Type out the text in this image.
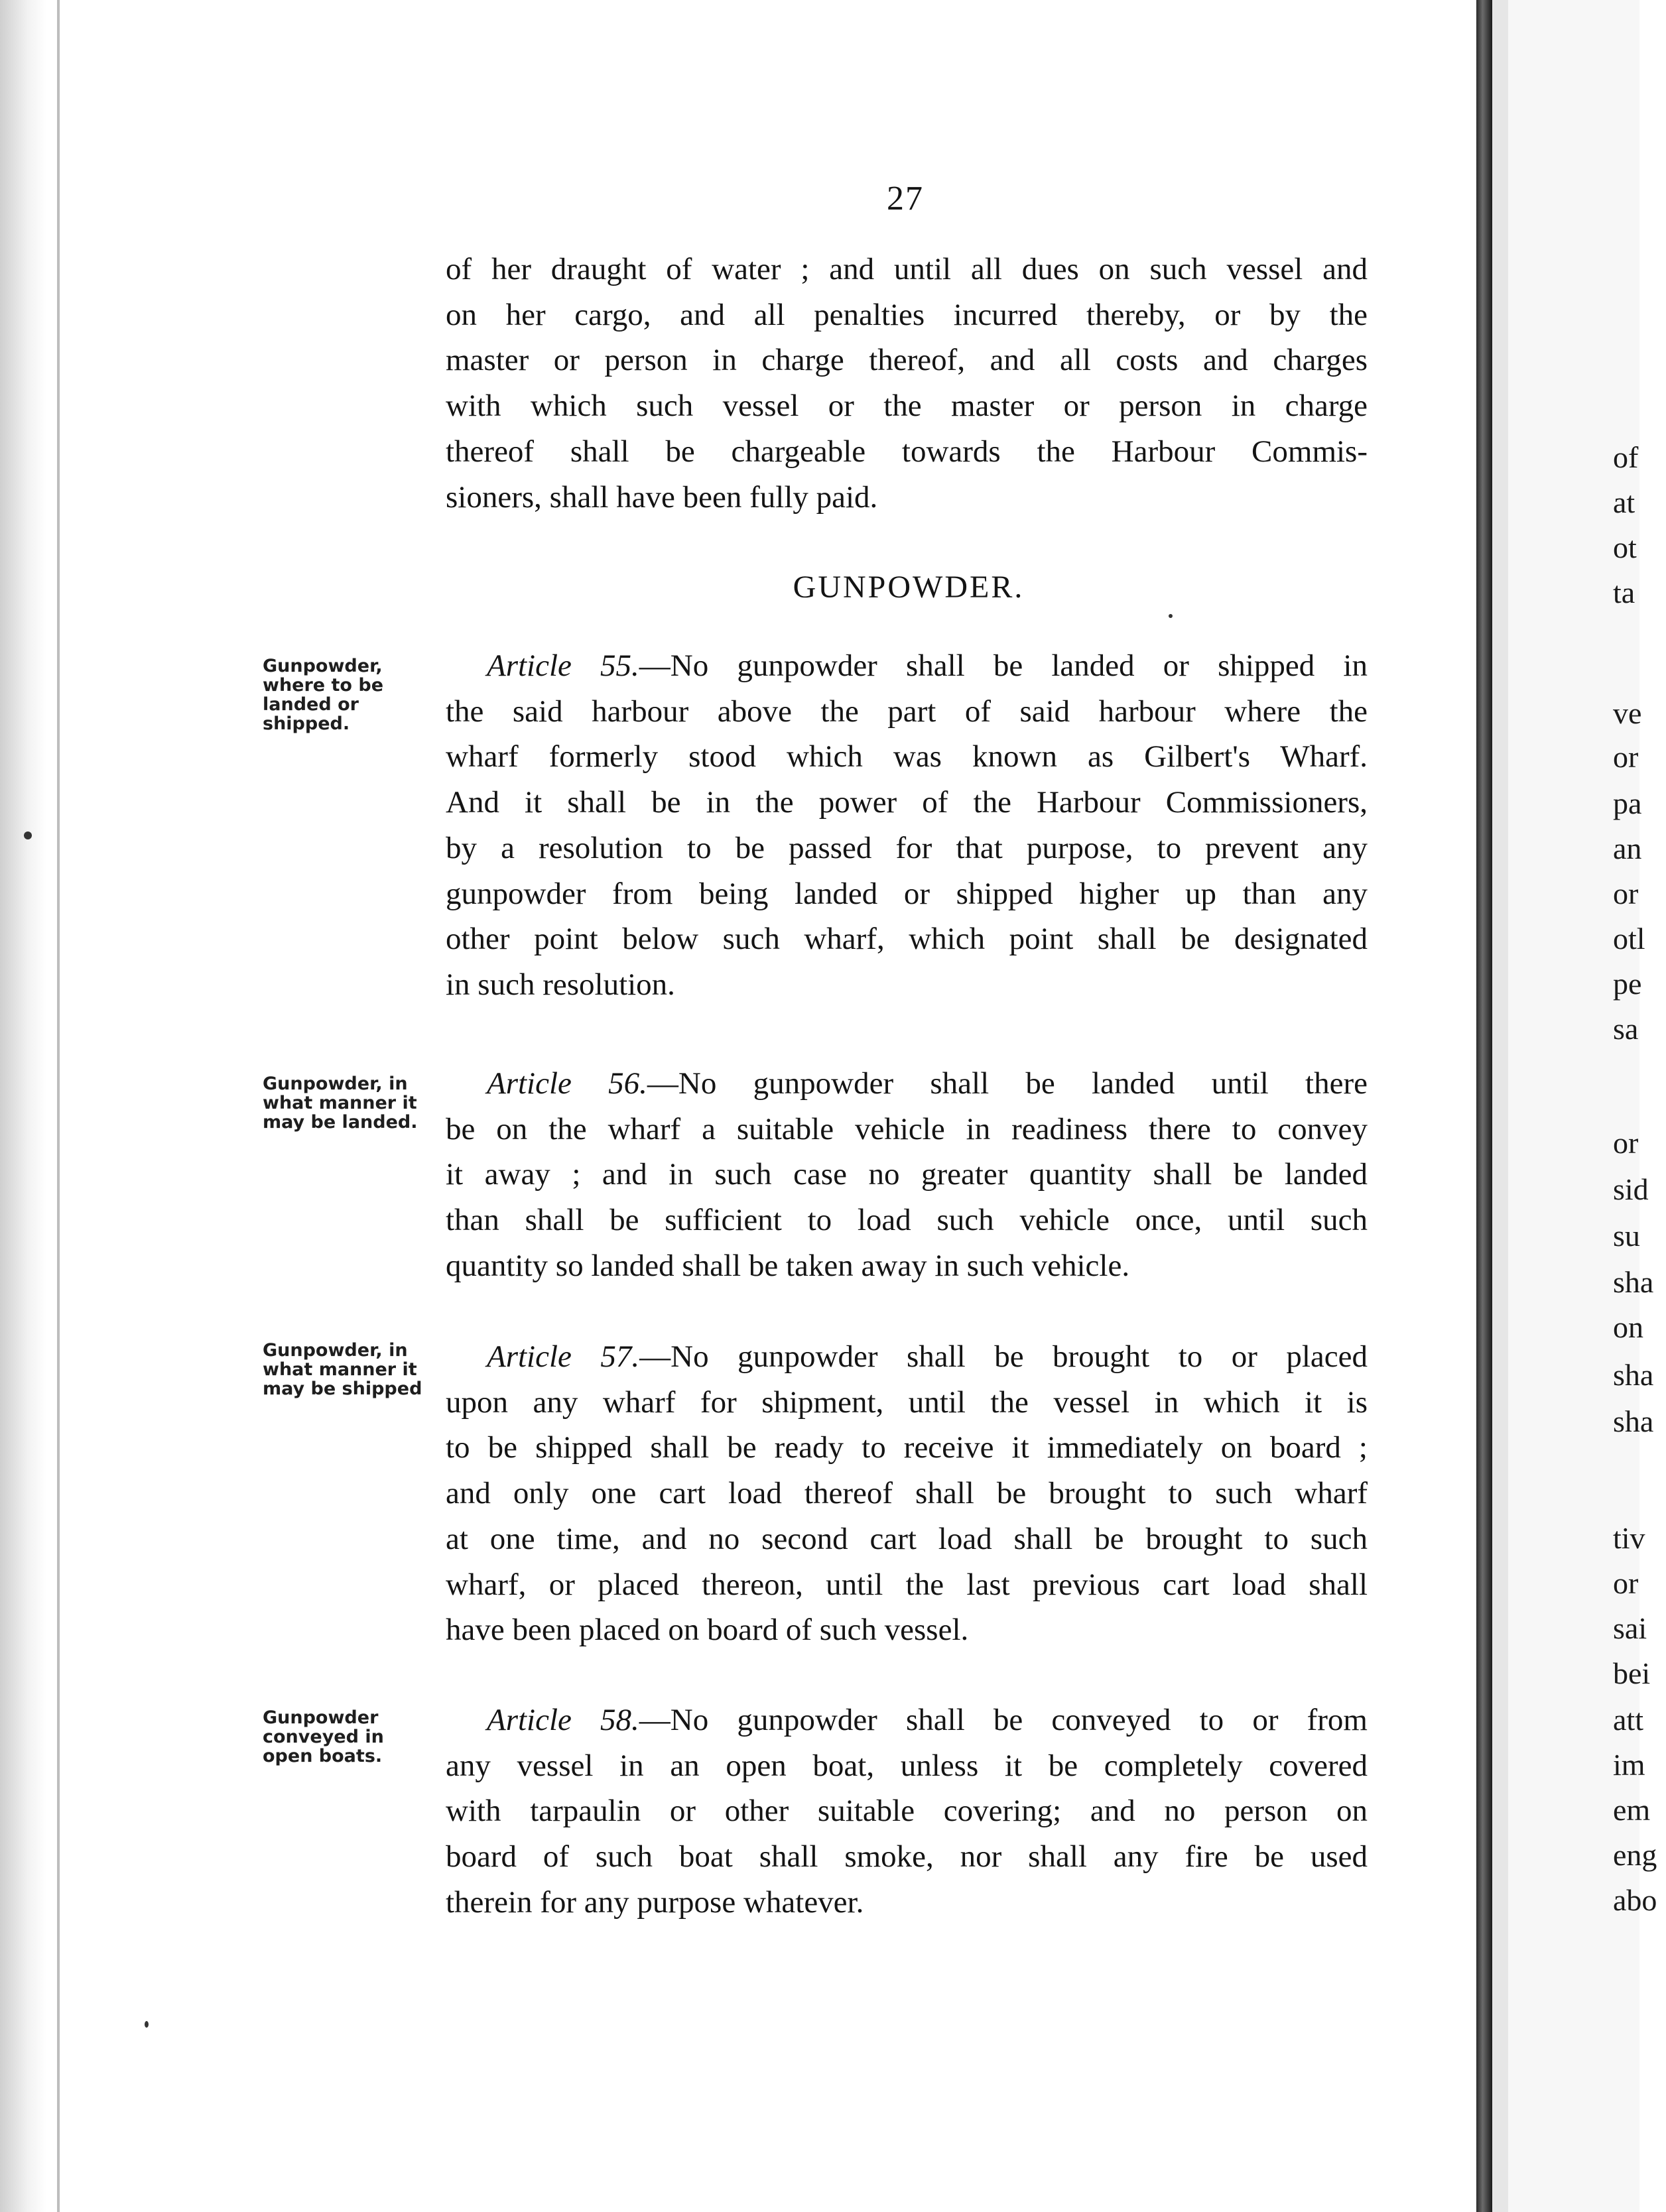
27
of her draught of water ; and until all dues on such vessel and
on her cargo, and all penalties incurred thereby, or by the
master or person in charge thereof, and all costs and charges
with which such vessel or the master or person in charge
thereof shall be chargeable towards the Harbour Commis-
sioners, shall have been fully paid.
GUNPOWDER.
Gunpowder,
where to be
landed or
shipped.
Article 55.—No gunpowder shall be landed or shipped in
the said harbour above the part of said harbour where the
wharf formerly stood which was known as Gilbert's Wharf.
And it shall be in the power of the Harbour Commissioners,
by a resolution to be passed for that purpose, to prevent any
gunpowder from being landed or shipped higher up than any
other point below such wharf, which point shall be designated
in such resolution.
Gunpowder, in
what manner it
may be landed.
Article 56.—No gunpowder shall be landed until there
be on the wharf a suitable vehicle in readiness there to convey
it away ; and in such case no greater quantity shall be landed
than shall be sufficient to load such vehicle once, until such
quantity so landed shall be taken away in such vehicle.
Gunpowder, in
what manner it
may be shipped
Article 57.—No gunpowder shall be brought to or placed
upon any wharf for shipment, until the vessel in which it is
to be shipped shall be ready to receive it immediately on board ;
and only one cart load thereof shall be brought to such wharf
at one time, and no second cart load shall be brought to such
wharf, or placed thereon, until the last previous cart load shall
have been placed on board of such vessel.
Gunpowder
conveyed in
open boats.
Article 58.—No gunpowder shall be conveyed to or from
any vessel in an open boat, unless it be completely covered
with tarpaulin or other suitable covering; and no person on
board of such boat shall smoke, nor shall any fire be used
therein for any purpose whatever.
of
at
ot
ta
ve
or
pa
an
or
otl
pe
sa
or
sid
su
sha
on
sha
sha
tiv
or
sai
bei
att
im
em
eng
abo
